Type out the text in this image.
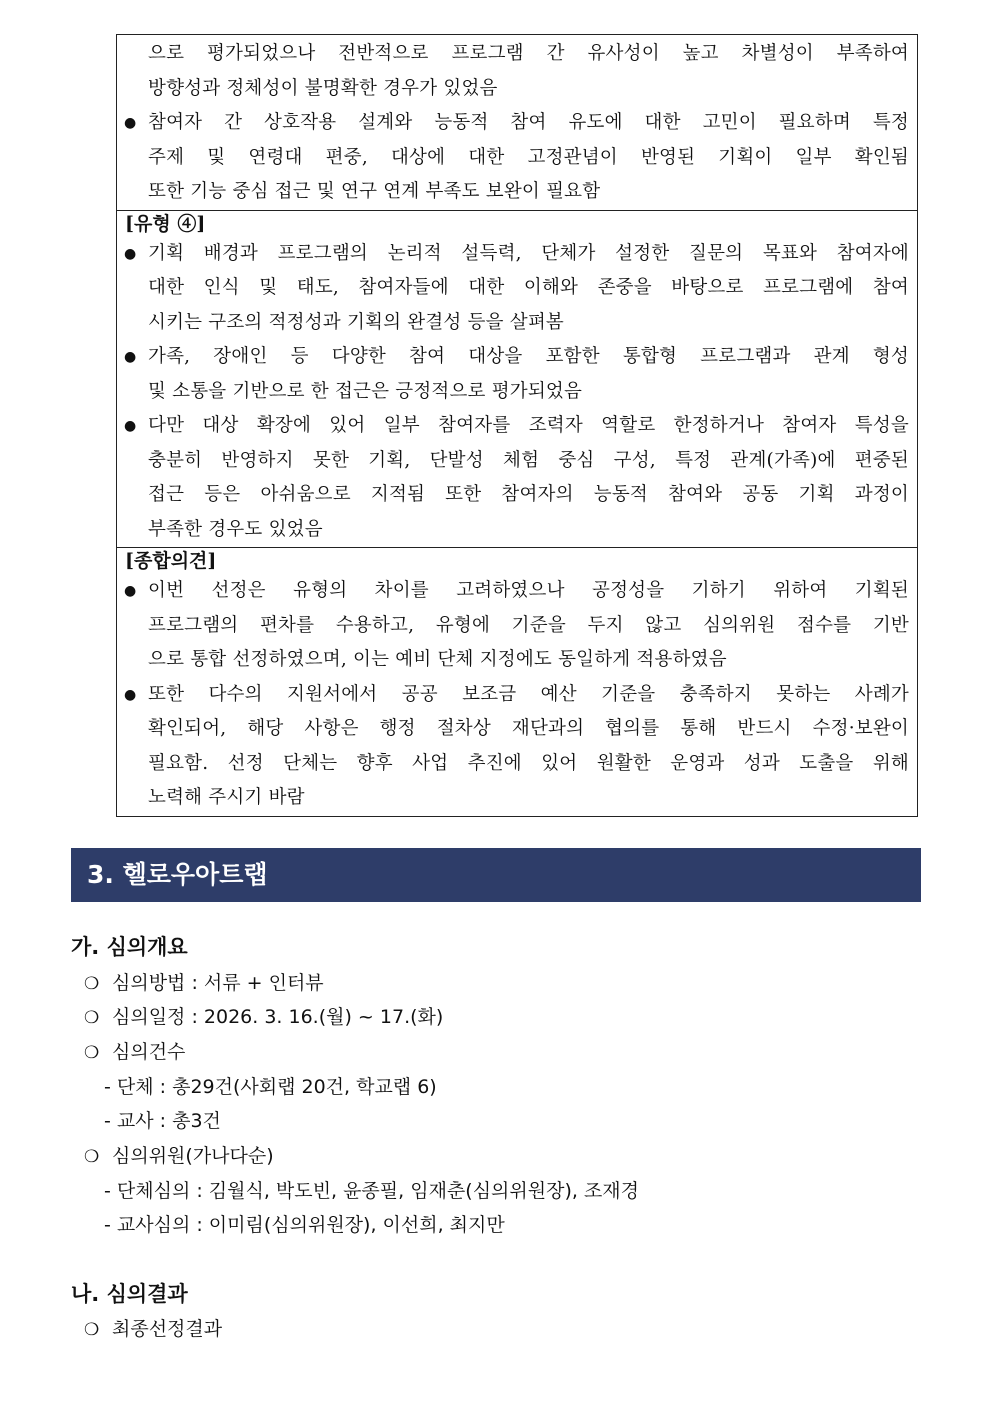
으로 평가되었으나 전반적으로 프로그램 간 유사성이 높고 차별성이 부족하여
방향성과 정체성이 불명확한 경우가 있었음
● 참여자 간 상호작용 설계와 능동적 참여 유도에 대한 고민이 필요하며 특정
주제 및 연령대 편중, 대상에 대한 고정관념이 반영된 기획이 일부 확인됨
또한 기능 중심 접근 및 연구 연계 부족도 보완이 필요함
[유형 ④]
● 기획 배경과 프로그램의 논리적 설득력, 단체가 설정한 질문의 목표와 참여자에
대한 인식 및 태도, 참여자들에 대한 이해와 존중을 바탕으로 프로그램에 참여
시키는 구조의 적정성과 기획의 완결성 등을 살펴봄
● 가족, 장애인 등 다양한 참여 대상을 포함한 통합형 프로그램과 관계 형성
및 소통을 기반으로 한 접근은 긍정적으로 평가되었음
● 다만 대상 확장에 있어 일부 참여자를 조력자 역할로 한정하거나 참여자 특성을
충분히 반영하지 못한 기획, 단발성 체험 중심 구성, 특정 관계(가족)에 편중된
접근 등은 아쉬움으로 지적됨 또한 참여자의 능동적 참여와 공동 기획 과정이
부족한 경우도 있었음
[종합의견]
● 이번 선정은 유형의 차이를 고려하였으나 공정성을 기하기 위하여 기획된
프로그램의 편차를 수용하고, 유형에 기준을 두지 않고 심의위원 점수를 기반
으로 통합 선정하였으며, 이는 예비 단체 지정에도 동일하게 적용하였음
● 또한 다수의 지원서에서 공공 보조금 예산 기준을 충족하지 못하는 사례가
확인되어, 해당 사항은 행정 절차상 재단과의 협의를 통해 반드시 수정·보완이
필요함. 선정 단체는 향후 사업 추진에 있어 원활한 운영과 성과 도출을 위해
노력해 주시기 바람
3. 헬로우아트랩
가. 심의개요
❍ 심의방법 : 서류 + 인터뷰
❍ 심의일정 : 2026. 3. 16.(월) ~ 17.(화)
❍ 심의건수
- 단체 : 총29건(사회랩 20건, 학교랩 6)
- 교사 : 총3건
❍ 심의위원(가나다순)
- 단체심의 : 김월식, 박도빈, 윤종필, 임재춘(심의위원장), 조재경
- 교사심의 : 이미림(심의위원장), 이선희, 최지만
나. 심의결과
❍ 최종선정결과
